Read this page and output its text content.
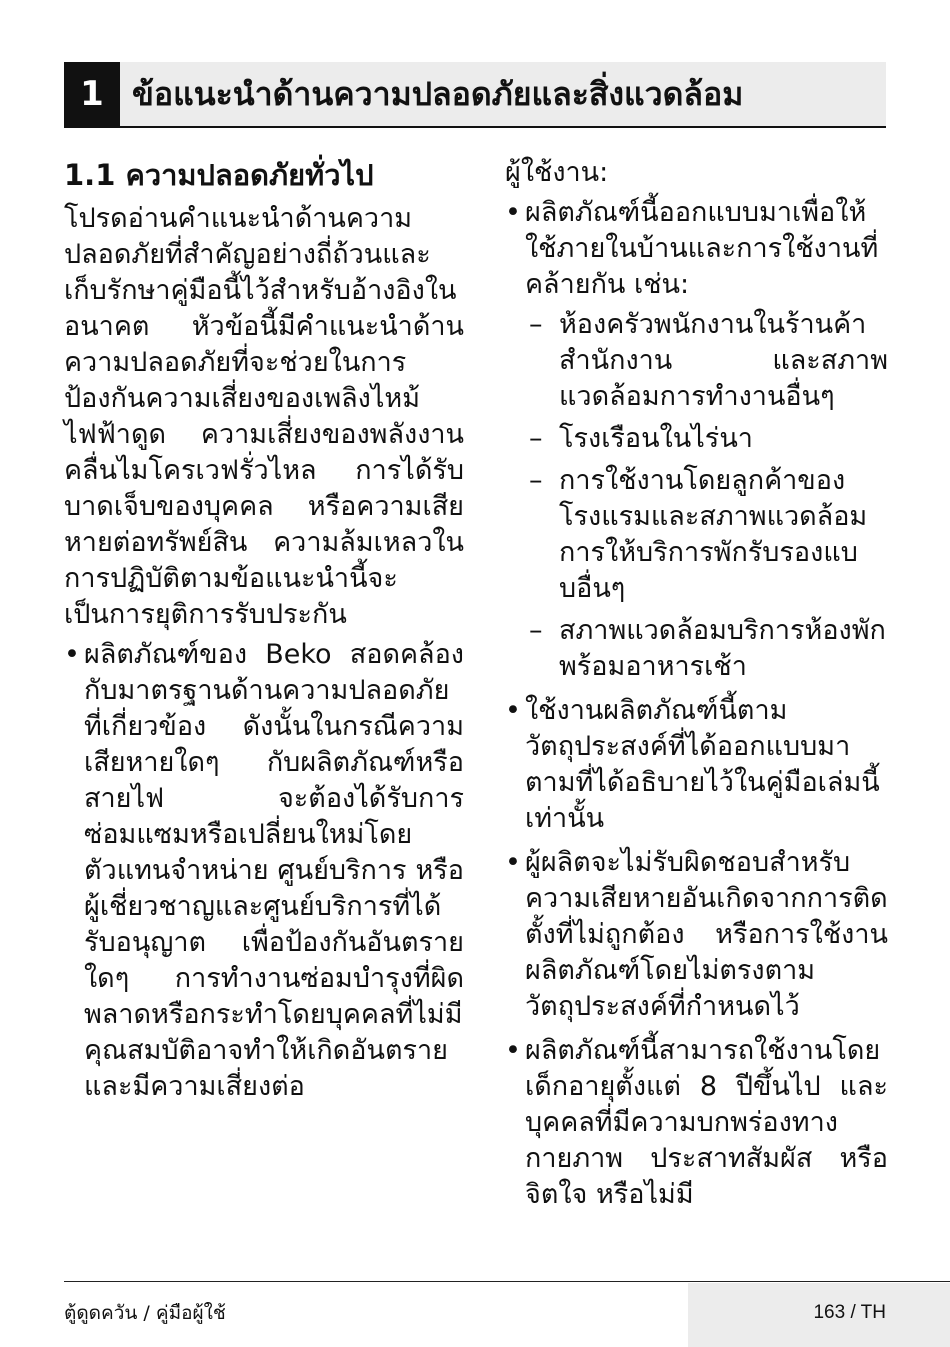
1 ข้อแนะนำด้านความปลอดภัยและสิ่งแวดล้อม
1.1 ความปลอดภัยทั่วไป

โปรดอ่านคำแนะนำด้านความปลอดภัยที่สำคัญอย่างถี่ถ้วนและเก็บรักษาคู่มือนี้ไว้สำหรับอ้างอิงในอนาคต หัวข้อนี้มีคำแนะนำด้านความปลอดภัยที่จะช่วยในการป้องกันความเสี่ยงของเพลิงไหม้ ไฟฟ้าดูด ความเสี่ยงของพลังงานคลื่นไมโครเวฟรั่วไหล การได้รับบาดเจ็บของบุคคล หรือความเสียหายต่อทรัพย์สิน ความล้มเหลวในการปฏิบัติตามข้อแนะนำนี้จะเป็นการยุติการรับประกัน

• ผลิตภัณฑ์ของ Beko สอดคล้องกับมาตรฐานด้านความปลอดภัยที่เกี่ยวข้อง ดังนั้นในกรณีความเสียหายใดๆ กับผลิตภัณฑ์หรือสายไฟ จะต้องได้รับการซ่อมแซมหรือเปลี่ยนใหม่โดยตัวแทนจำหน่าย ศูนย์บริการ หรือผู้เชี่ยวชาญและศูนย์บริการที่ได้รับอนุญาต เพื่อป้องกันอันตรายใดๆ การทำงานซ่อมบำรุงที่ผิดพลาดหรือกระทำโดยบุคคลที่ไม่มีคุณสมบัติอาจทำให้เกิดอันตรายและมีความเสี่ยงต่อ

ผู้ใช้งาน:

• ผลิตภัณฑ์นี้ออกแบบมาเพื่อให้ใช้ภายในบ้านและการใช้งานที่คล้ายกัน เช่น:
– ห้องครัวพนักงานในร้านค้า สำนักงาน และสภาพแวดล้อมการทำงานอื่นๆ
– โรงเรือนในไร่นา
– การใช้งานโดยลูกค้าของโรงแรมและสภาพแวดล้อมการให้บริการพักรับรองแบบอื่นๆ
– สภาพแวดล้อมบริการห้องพักพร้อมอาหารเช้า
• ใช้งานผลิตภัณฑ์นี้ตามวัตถุประสงค์ที่ได้ออกแบบมาตามที่ได้อธิบายไว้ในคู่มือเล่มนี้เท่านั้น
• ผู้ผลิตจะไม่รับผิดชอบสำหรับความเสียหายอันเกิดจากการติดตั้งที่ไม่ถูกต้อง หรือการใช้งานผลิตภัณฑ์โดยไม่ตรงตามวัตถุประสงค์ที่กำหนดไว้
• ผลิตภัณฑ์นี้สามารถใช้งานโดยเด็กอายุตั้งแต่ 8 ปีขึ้นไป และบุคคลที่มีความบกพร่องทางกายภาพ ประสาทสัมผัส หรือจิตใจ หรือไม่มี
ตู้ดูดควัน / คู่มือผู้ใช้	163 / TH
